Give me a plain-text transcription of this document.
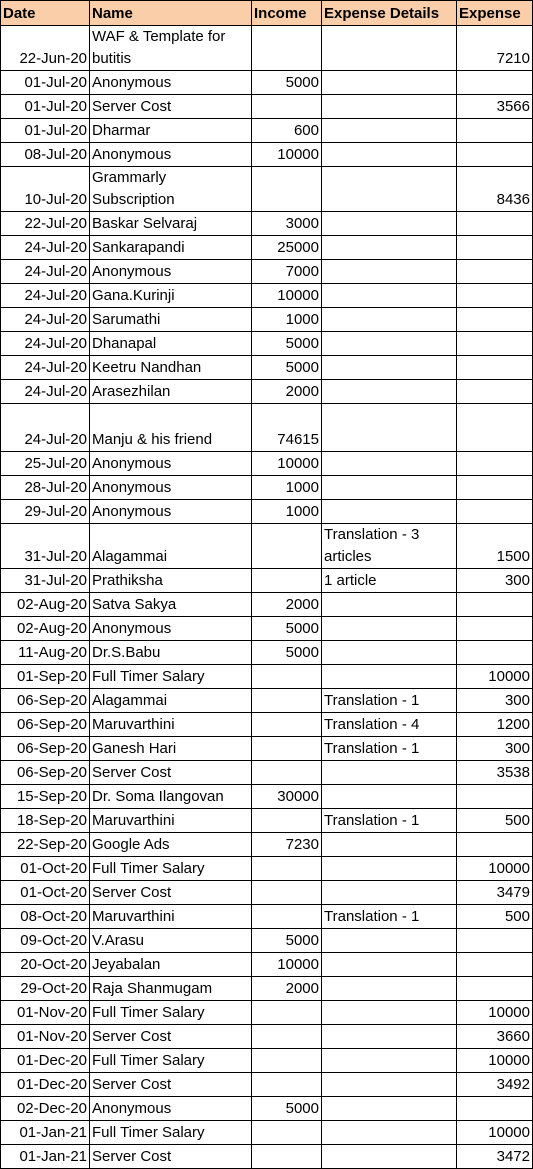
Date	Name	Income	Expense Details	Expense
22-Jun-20	WAF & Template for butitis			7210
01-Jul-20	Anonymous	5000		
01-Jul-20	Server Cost			3566
01-Jul-20	Dharmar	600		
08-Jul-20	Anonymous	10000		
10-Jul-20	Grammarly Subscription			8436
22-Jul-20	Baskar Selvaraj	3000		
24-Jul-20	Sankarapandi	25000		
24-Jul-20	Anonymous	7000		
24-Jul-20	Gana.Kurinji	10000		
24-Jul-20	Sarumathi	1000		
24-Jul-20	Dhanapal	5000		
24-Jul-20	Keetru Nandhan	5000		
24-Jul-20	Arasezhilan	2000		
24-Jul-20	Manju & his friend	74615		
25-Jul-20	Anonymous	10000		
28-Jul-20	Anonymous	1000		
29-Jul-20	Anonymous	1000		
31-Jul-20	Alagammai		Translation - 3 articles	1500
31-Jul-20	Prathiksha		1 article	300
02-Aug-20	Satva Sakya	2000		
02-Aug-20	Anonymous	5000		
11-Aug-20	Dr.S.Babu	5000		
01-Sep-20	Full Timer Salary			10000
06-Sep-20	Alagammai		Translation - 1	300
06-Sep-20	Maruvarthini		Translation - 4	1200
06-Sep-20	Ganesh Hari		Translation - 1	300
06-Sep-20	Server Cost			3538
15-Sep-20	Dr. Soma Ilangovan	30000		
18-Sep-20	Maruvarthini		Translation - 1	500
22-Sep-20	Google Ads	7230		
01-Oct-20	Full Timer Salary			10000
01-Oct-20	Server Cost			3479
08-Oct-20	Maruvarthini		Translation - 1	500
09-Oct-20	V.Arasu	5000		
20-Oct-20	Jeyabalan	10000		
29-Oct-20	Raja Shanmugam	2000		
01-Nov-20	Full Timer Salary			10000
01-Nov-20	Server Cost			3660
01-Dec-20	Full Timer Salary			10000
01-Dec-20	Server Cost			3492
02-Dec-20	Anonymous	5000		
01-Jan-21	Full Timer Salary			10000
01-Jan-21	Server Cost			3472
